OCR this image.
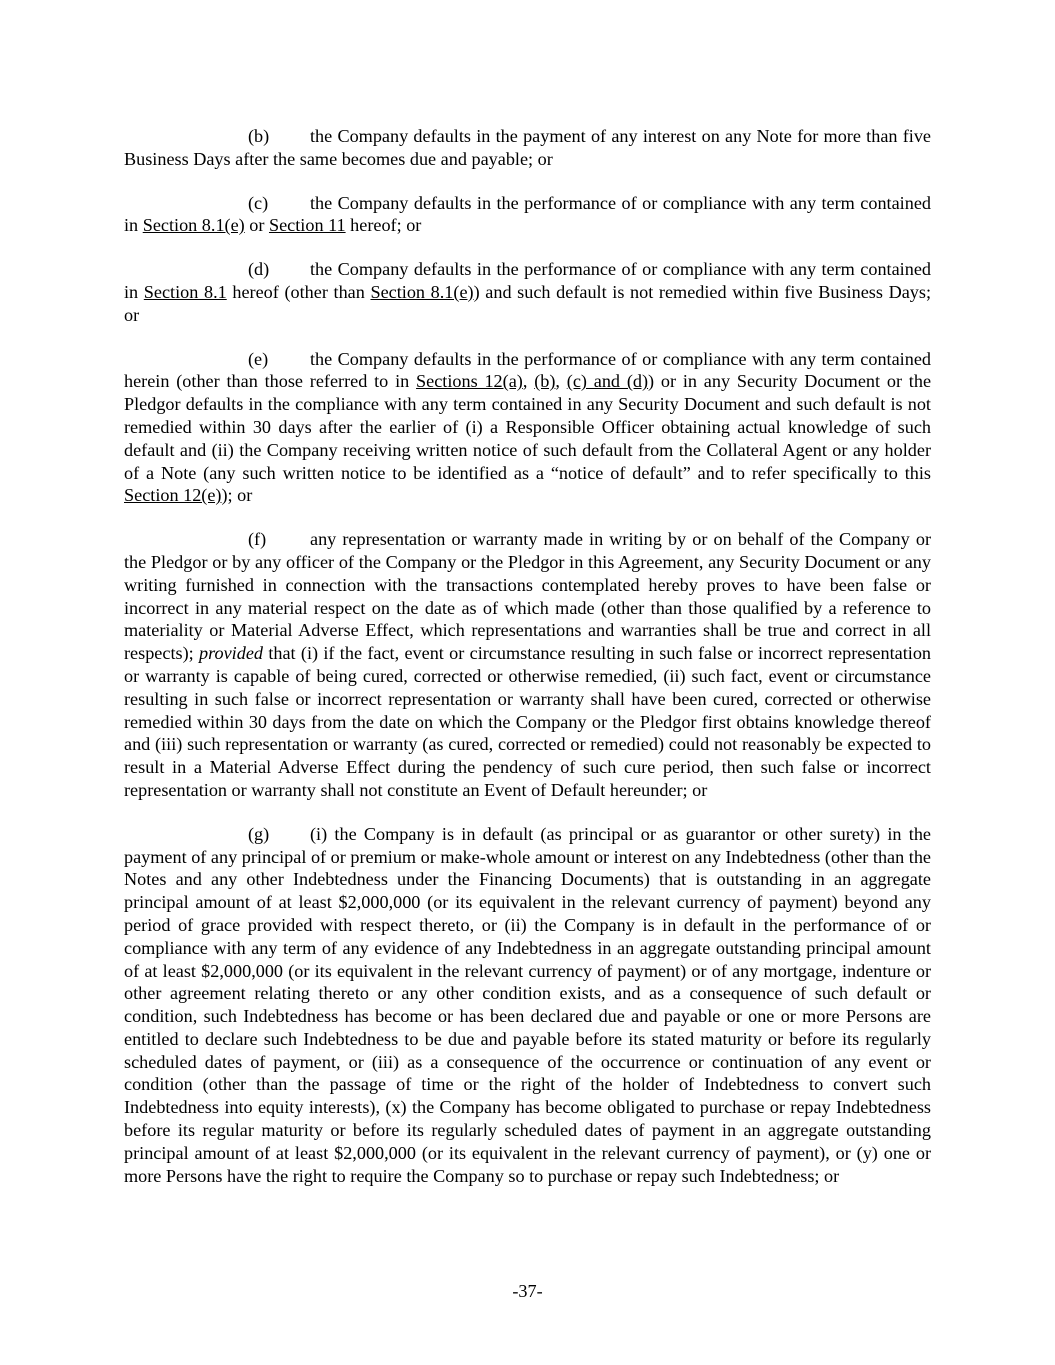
(b) the Company defaults in the payment of any interest on any Note for more than five Business Days after the same becomes due and payable; or

(c) the Company defaults in the performance of or compliance with any term contained in Section 8.1(e) or Section 11 hereof; or

(d) the Company defaults in the performance of or compliance with any term contained in Section 8.1 hereof (other than Section 8.1(e)) and such default is not remedied within five Business Days; or

(e) the Company defaults in the performance of or compliance with any term contained herein (other than those referred to in Sections 12(a), (b), (c) and (d)) or in any Security Document or the Pledgor defaults in the compliance with any term contained in any Security Document and such default is not remedied within 30 days after the earlier of (i) a Responsible Officer obtaining actual knowledge of such default and (ii) the Company receiving written notice of such default from the Collateral Agent or any holder of a Note (any such written notice to be identified as a “notice of default” and to refer specifically to this Section 12(e)); or

(f) any representation or warranty made in writing by or on behalf of the Company or the Pledgor or by any officer of the Company or the Pledgor in this Agreement, any Security Document or any writing furnished in connection with the transactions contemplated hereby proves to have been false or incorrect in any material respect on the date as of which made (other than those qualified by a reference to materiality or Material Adverse Effect, which representations and warranties shall be true and correct in all respects); provided that (i) if the fact, event or circumstance resulting in such false or incorrect representation or warranty is capable of being cured, corrected or otherwise remedied, (ii) such fact, event or circumstance resulting in such false or incorrect representation or warranty shall have been cured, corrected or otherwise remedied within 30 days from the date on which the Company or the Pledgor first obtains knowledge thereof and (iii) such representation or warranty (as cured, corrected or remedied) could not reasonably be expected to result in a Material Adverse Effect during the pendency of such cure period, then such false or incorrect representation or warranty shall not constitute an Event of Default hereunder; or

(g) (i) the Company is in default (as principal or as guarantor or other surety) in the payment of any principal of or premium or make-whole amount or interest on any Indebtedness (other than the Notes and any other Indebtedness under the Financing Documents) that is outstanding in an aggregate principal amount of at least $2,000,000 (or its equivalent in the relevant currency of payment) beyond any period of grace provided with respect thereto, or (ii) the Company is in default in the performance of or compliance with any term of any evidence of any Indebtedness in an aggregate outstanding principal amount of at least $2,000,000 (or its equivalent in the relevant currency of payment) or of any mortgage, indenture or other agreement relating thereto or any other condition exists, and as a consequence of such default or condition, such Indebtedness has become or has been declared due and payable or one or more Persons are entitled to declare such Indebtedness to be due and payable before its stated maturity or before its regularly scheduled dates of payment, or (iii) as a consequence of the occurrence or continuation of any event or condition (other than the passage of time or the right of the holder of Indebtedness to convert such Indebtedness into equity interests), (x) the Company has become obligated to purchase or repay Indebtedness before its regular maturity or before its regularly scheduled dates of payment in an aggregate outstanding principal amount of at least $2,000,000 (or its equivalent in the relevant currency of payment), or (y) one or more Persons have the right to require the Company so to purchase or repay such Indebtedness; or

-37-
